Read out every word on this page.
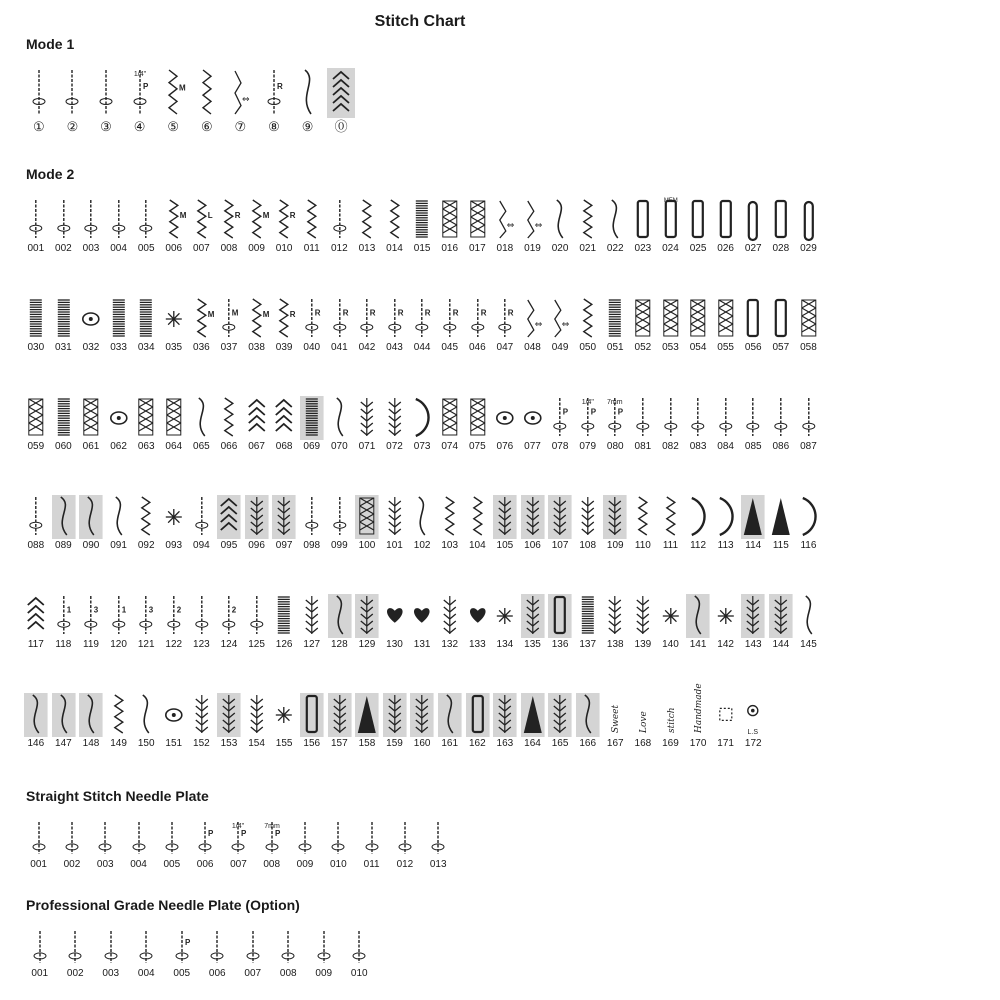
Stitch Chart
Mode 1
① ② ③
P
1/4"
④
M
⑤ ⑥
⇔
⑦
R
⑧ ⑨ ⓪
Mode 2
001 002 003 004 005
M
006
L
007
R
008
M
009
R
010 011 012 013 014 015 016 017
⇔
018
⇔
019 020 021 022 023
MEM
024 025 026 027 028 029
030 031 032 033 034 035
M
036
M
037
M
038
R
039
R
040
R
041
R
042
R
043
R
044
R
045
R
046
R
047
⇔
048
⇔
049 050 051 052 053 054 055 056 057 058
059 060 061 062 063 064 065 066 067 068 069 070 071 072 073 074 075 076 077
P
078
P
1/4"
079
P
7mm
080 081 082 083 084 085 086 087
088 089 090 091 092 093 094 095 096 097 098 099 100 101 102 103 104 105 106 107 108 109 110 111 112 113 114 115 116
117
1
118
3
119
1
120
3
121
2
122 123
2
124 125 126 127 128 129 130 131 132 133 134 135 136 137 138 139 140 141 142 143 144 145
146 147 148 149 150 151 152 153 154 155 156 157 158 159 160 161 162 163 164 165 166
Sweet
167
Love
168
stitch
169
Handmade
170 171
L.S
172
Straight Stitch Needle Plate
001 002 003 004 005
P
006
P
1/4"
007
P
7mm
008 009 010 011 012 013
Professional Grade Needle Plate (Option)
001 002 003 004
P
005 006 007 008 009 010
